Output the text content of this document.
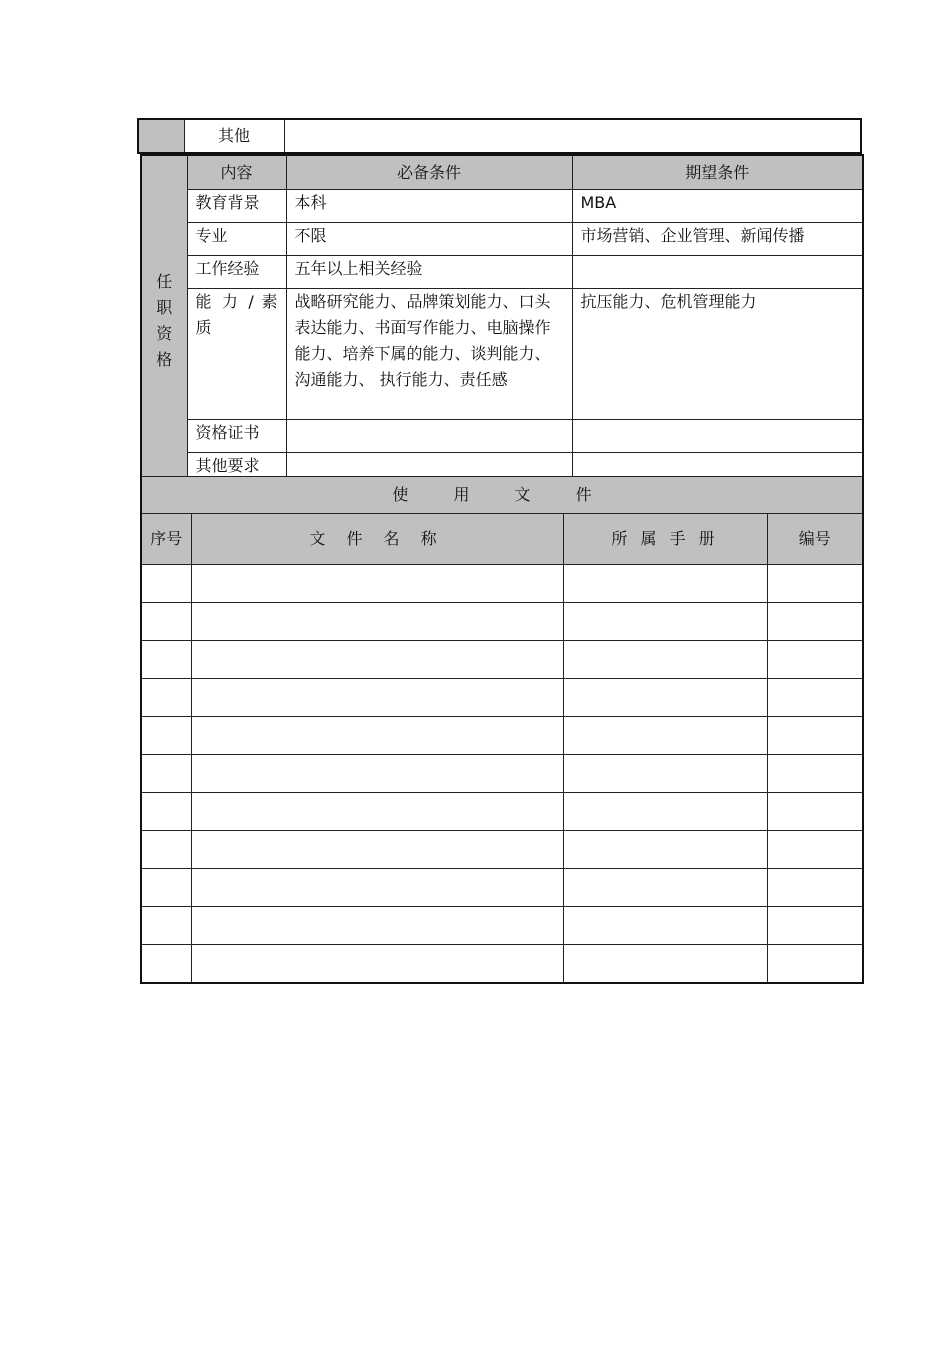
	其他	
任
职
资
格	内容	必备条件	期望条件
	教育背景	本科	MBA
	专业	不限	市场营销、企业管理、新闻传播
	工作经验	五年以上相关经验	
	能 力 / 素质	战略研究能力、品牌策划能力、口头表达能力、书面写作能力、电脑操作能力、培养下属的能力、谈判能力、 沟通能力、 执行能力、责任感	抗压能力、危机管理能力
	资格证书		
	其他要求		
使 用 文 件			
序号	文 件 名 称	所 属 手 册	编号
